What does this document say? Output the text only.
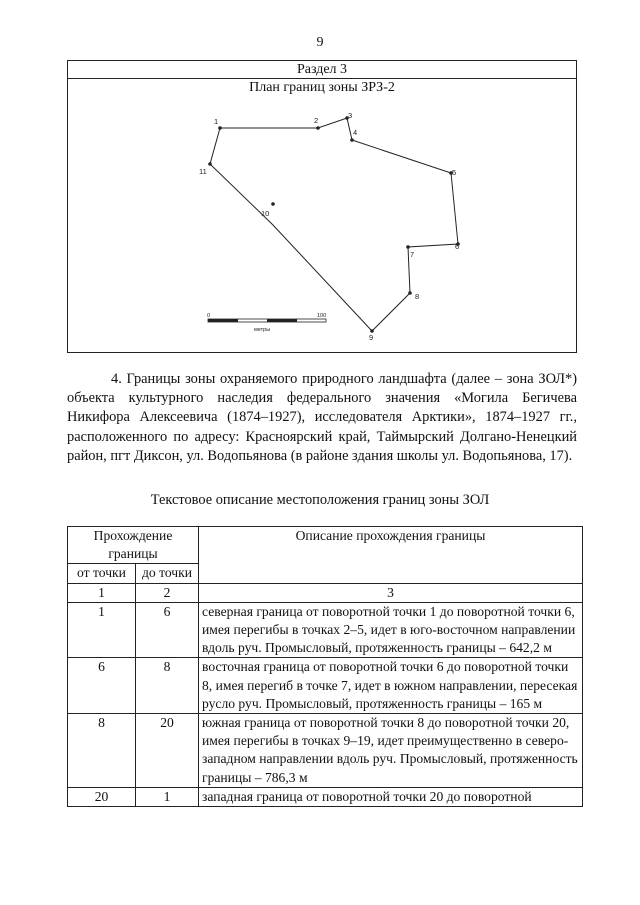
9
Раздел 3
План границ зоны ЗРЗ-2
1	2
3
4
5
6
7
8
9
11
10
0	100
метры
4. Границы зоны охраняемого природного ландшафта (далее – зона ЗОЛ*) объекта культурного наследия федерального значения «Могила Бегичева Никифора Алексеевича (1874–1927), исследователя Арктики», 1874–1927 гг., расположенного по адресу: Красноярский край, Таймырский Долгано-Ненецкий район, пгт Диксон, ул. Водопьянова (в районе здания школы ул. Водопьянова, 17).
Текстовое описание местоположения границ зоны ЗОЛ
Прохождение границы		Описание прохождения границы
от точки	до точки	
1	2	3
1	6	северная граница от поворотной точки 1 до поворотной точки 6, имея перегибы в точках 2–5, идет в юго-восточном направлении вдоль руч. Промысловый, протяженность границы – 642,2 м
6	8	восточная граница от поворотной точки 6 до поворотной точки 8, имея перегиб в точке 7, идет в южном направлении, пересекая русло руч. Промысловый, протяженность границы – 165 м
8	20	южная граница от поворотной точки 8 до поворотной точки 20, имея перегибы в точках 9–19, идет преимущественно в северо-западном направлении вдоль руч. Промысловый, протяженность границы – 786,3 м
20	1	западная граница от поворотной точки 20 до поворотной
